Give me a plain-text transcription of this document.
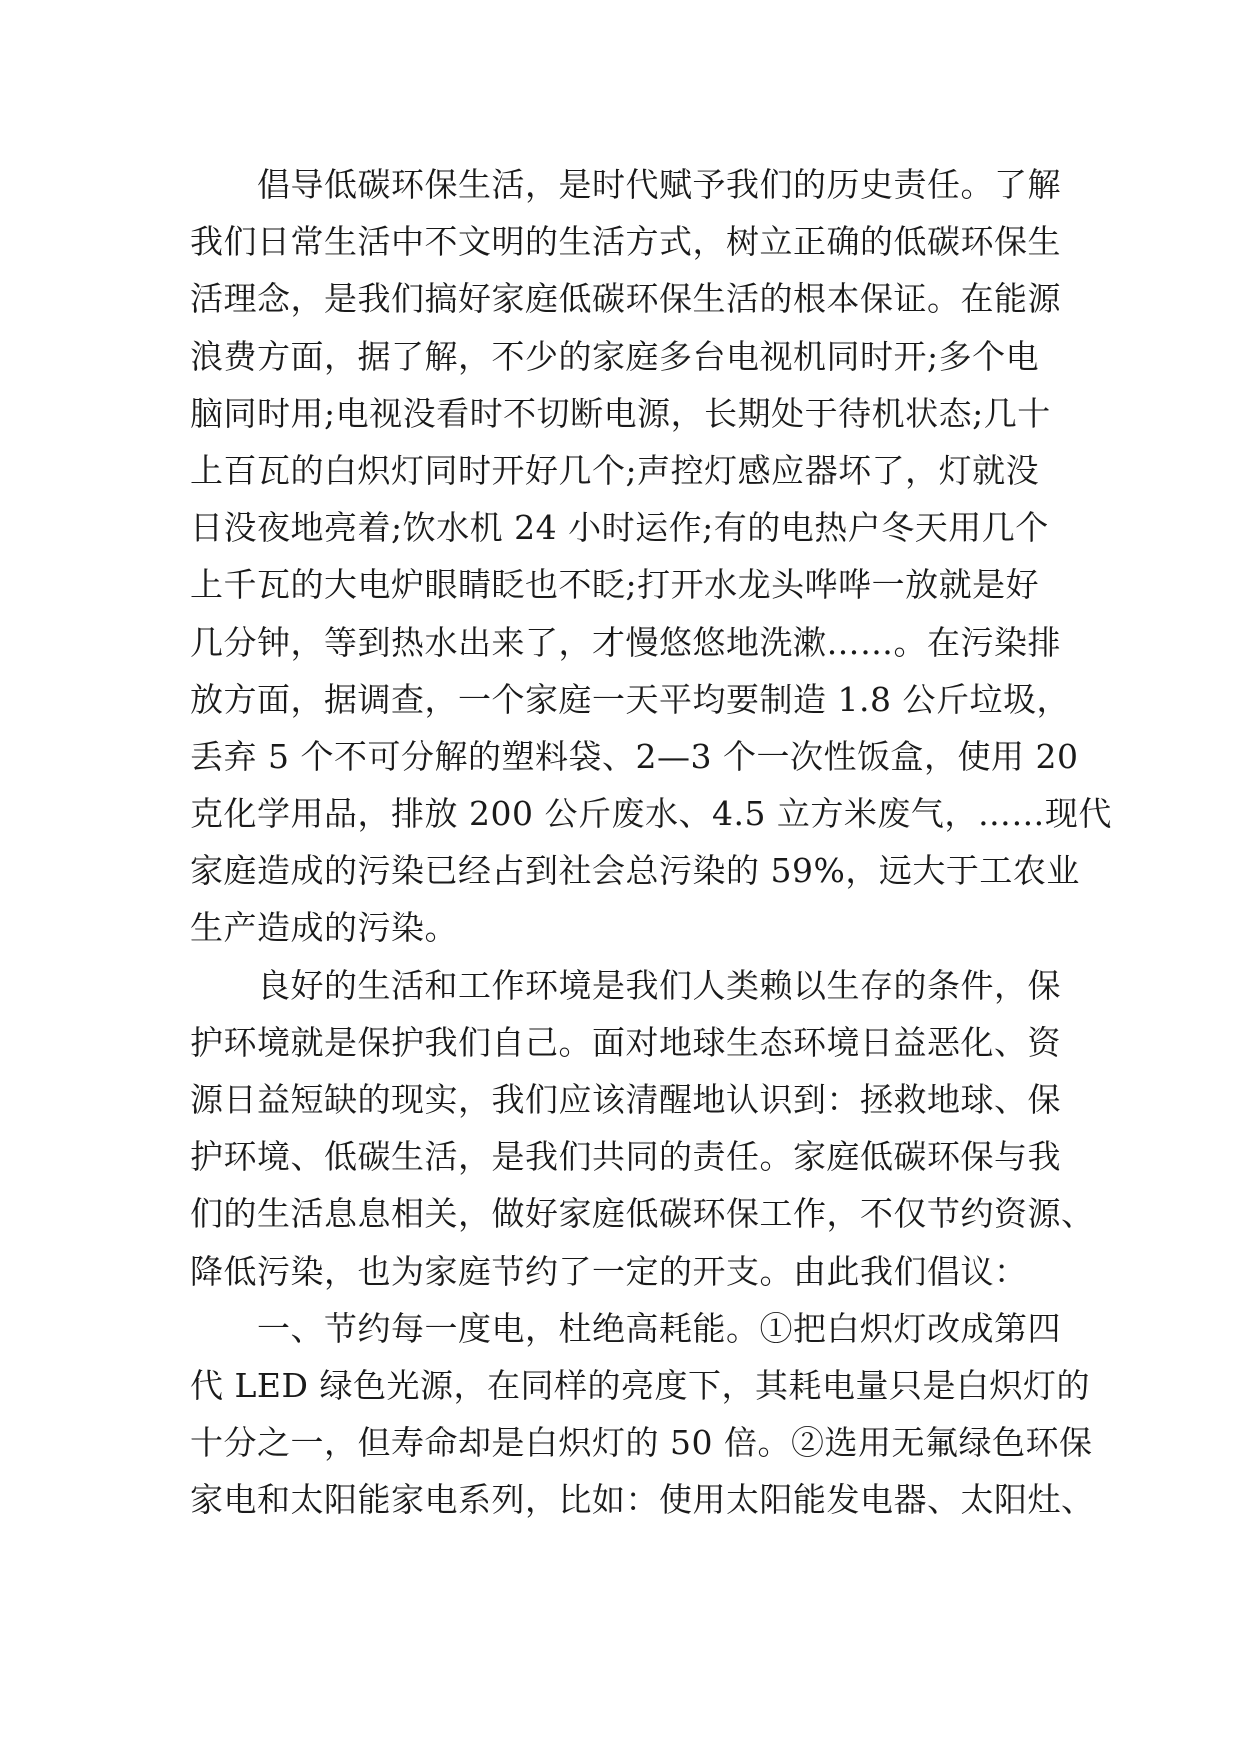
　　倡导低碳环保生活，是时代赋予我们的历史责任。了解
我们日常生活中不文明的生活方式，树立正确的低碳环保生
活理念，是我们搞好家庭低碳环保生活的根本保证。在能源
浪费方面，据了解，不少的家庭多台电视机同时开;多个电
脑同时用;电视没看时不切断电源，长期处于待机状态;几十
上百瓦的白炽灯同时开好几个;声控灯感应器坏了，灯就没
日没夜地亮着;饮水机 24 小时运作;有的电热户冬天用几个
上千瓦的大电炉眼睛眨也不眨;打开水龙头哗哗一放就是好
几分钟，等到热水出来了，才慢悠悠地洗漱……。在污染排
放方面，据调查，一个家庭一天平均要制造 1.8 公斤垃圾，
丢弃 5 个不可分解的塑料袋、2—3 个一次性饭盒，使用 20
克化学用品，排放 200 公斤废水、4.5 立方米废气，……现代
家庭造成的污染已经占到社会总污染的 59%，远大于工农业
生产造成的污染。
　　良好的生活和工作环境是我们人类赖以生存的条件，保
护环境就是保护我们自己。面对地球生态环境日益恶化、资
源日益短缺的现实，我们应该清醒地认识到：拯救地球、保
护环境、低碳生活，是我们共同的责任。家庭低碳环保与我
们的生活息息相关，做好家庭低碳环保工作，不仅节约资源、
降低污染，也为家庭节约了一定的开支。由此我们倡议：
　　一、节约每一度电，杜绝高耗能。①把白炽灯改成第四
代 LED 绿色光源，在同样的亮度下，其耗电量只是白炽灯的
十分之一，但寿命却是白炽灯的 50 倍。②选用无氟绿色环保
家电和太阳能家电系列，比如：使用太阳能发电器、太阳灶、
